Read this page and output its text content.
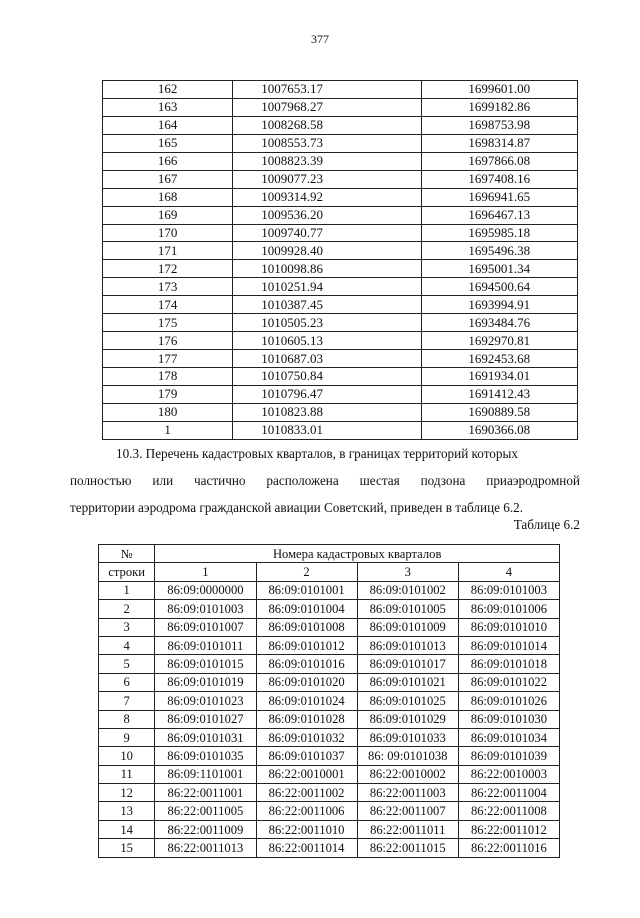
377
162	1007653.17	1699601.00
163	1007968.27	1699182.86
164	1008268.58	1698753.98
165	1008553.73	1698314.87
166	1008823.39	1697866.08
167	1009077.23	1697408.16
168	1009314.92	1696941.65
169	1009536.20	1696467.13
170	1009740.77	1695985.18
171	1009928.40	1695496.38
172	1010098.86	1695001.34
173	1010251.94	1694500.64
174	1010387.45	1693994.91
175	1010505.23	1693484.76
176	1010605.13	1692970.81
177	1010687.03	1692453.68
178	1010750.84	1691934.01
179	1010796.47	1691412.43
180	1010823.88	1690889.58
1	1010833.01	1690366.08
10.3. Перечень кадастровых кварталов, в границах территорий которых
полностью или частично расположена шестая подзона приаэродромной
территории аэродрома гражданской авиации Советский, приведен в таблице 6.2.
Таблице 6.2
№	Номера кадастровых кварталов			
строки	1	2	3	4
1	86:09:0000000	86:09:0101001	86:09:0101002	86:09:0101003
2	86:09:0101003	86:09:0101004	86:09:0101005	86:09:0101006
3	86:09:0101007	86:09:0101008	86:09:0101009	86:09:0101010
4	86:09:0101011	86:09:0101012	86:09:0101013	86:09:0101014
5	86:09:0101015	86:09:0101016	86:09:0101017	86:09:0101018
6	86:09:0101019	86:09:0101020	86:09:0101021	86:09:0101022
7	86:09:0101023	86:09:0101024	86:09:0101025	86:09:0101026
8	86:09:0101027	86:09:0101028	86:09:0101029	86:09:0101030
9	86:09:0101031	86:09:0101032	86:09:0101033	86:09:0101034
10	86:09:0101035	86:09:0101037	86: 09:0101038	86:09:0101039
11	86:09:1101001	86:22:0010001	86:22:0010002	86:22:0010003
12	86:22:0011001	86:22:0011002	86:22:0011003	86:22:0011004
13	86:22:0011005	86:22:0011006	86:22:0011007	86:22:0011008
14	86:22:0011009	86:22:0011010	86:22:0011011	86:22:0011012
15	86:22:0011013	86:22:0011014	86:22:0011015	86:22:0011016
